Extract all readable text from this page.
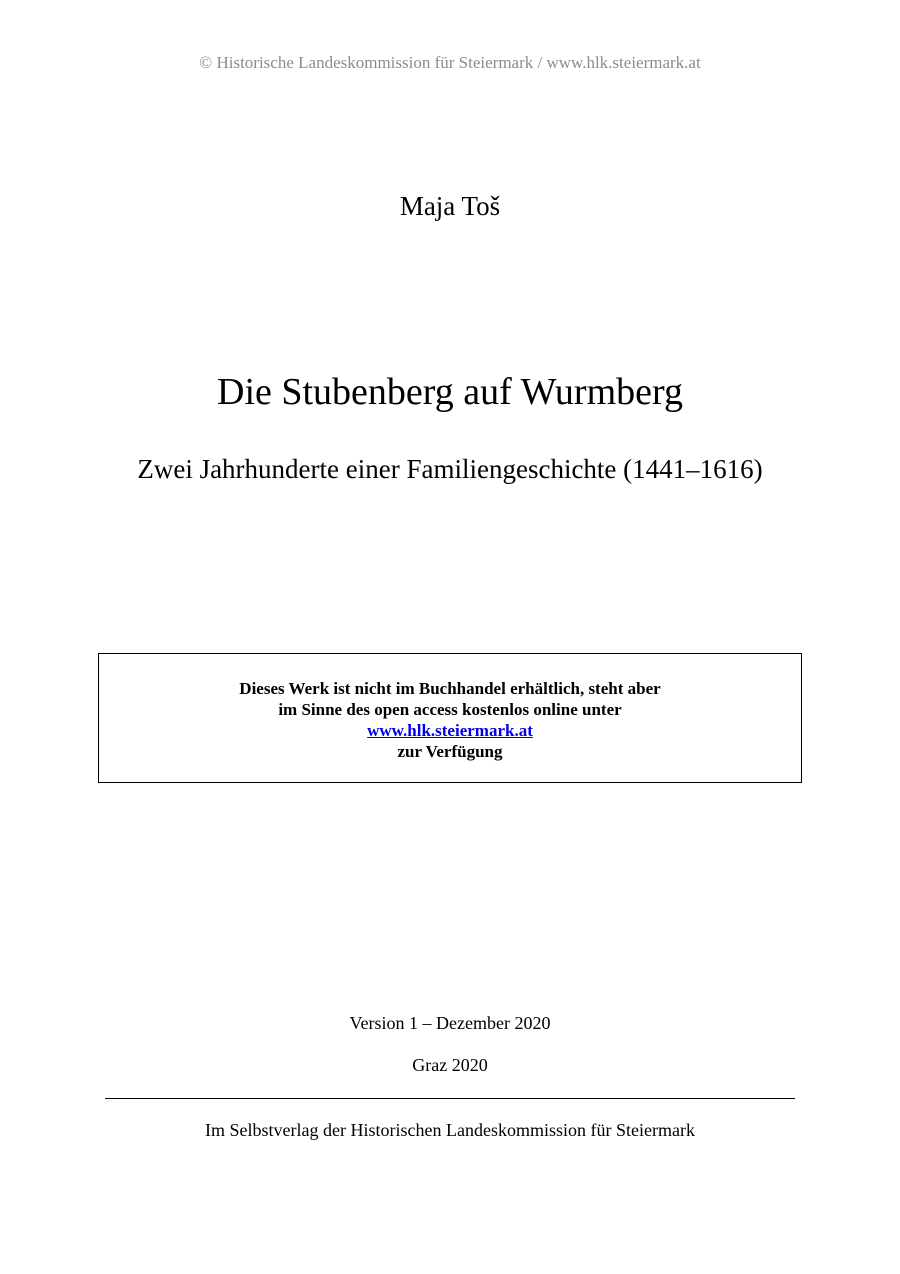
© Historische Landeskommission für Steiermark / www.hlk.steiermark.at
Maja Toš
Die Stubenberg auf Wurmberg
Zwei Jahrhunderte einer Familiengeschichte (1441–1616)
Dieses Werk ist nicht im Buchhandel erhältlich, steht aber
im Sinne des open access kostenlos online unter
www.hlk.steiermark.at
zur Verfügung
Version 1 – Dezember 2020
Graz 2020
Im Selbstverlag der Historischen Landeskommission für Steiermark
